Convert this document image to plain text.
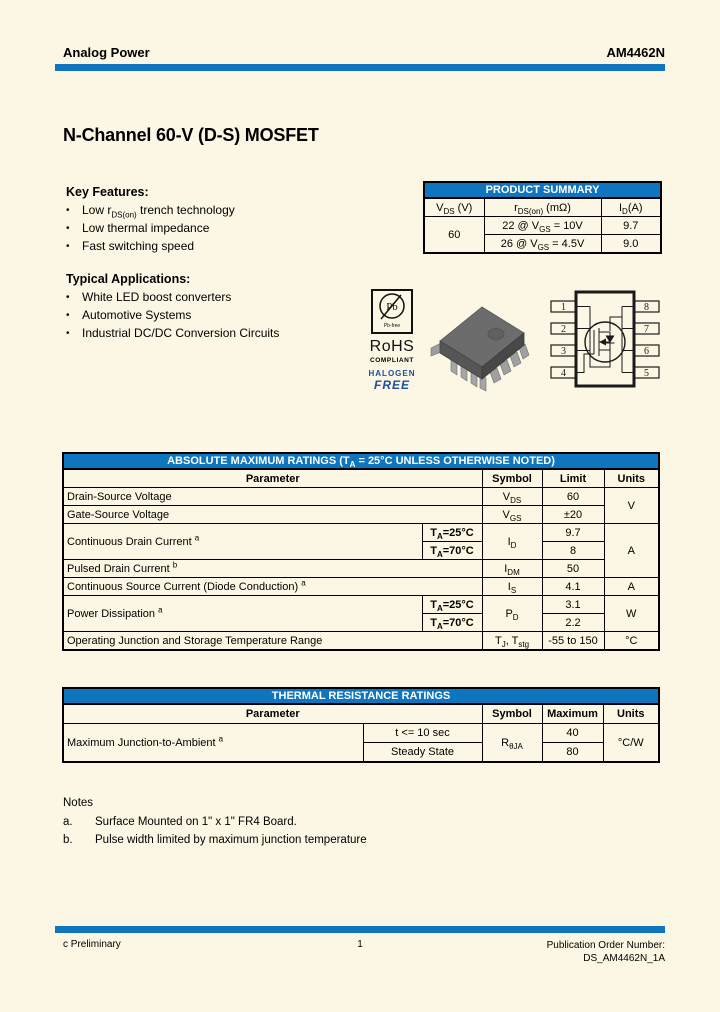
Analog Power	AM4462N
N-Channel 60-V (D-S) MOSFET
Key Features:
•	Low $r_{DS(on)}$ trench technology
•	Low thermal impedance
•	Fast switching speed
Typical Applications:
•	White LED boost converters
•	Automotive Systems
•	Industrial DC/DC Conversion Circuits
PRODUCT SUMMARY		
$V_{DS}$ (V)	$r_{DS(on)}$ (mΩ)	$I_D(A)$
60	22 @ $V_{GS} = 10V$	9.7
	26 @ $V_{GS} = 4.5V$	9.0
Pb
Pb-free
RoHS
COMPLIANT
HALOGEN
FREE
1
2
3
4
8
7
6
5
ABSOLUTE MAXIMUM RATINGS ($T_A = 25^\circ C$ UNLESS OTHERWISE NOTED)				
Parameter		Symbol	Limit	Units
Drain-Source Voltage		$V_{DS}$	60	V
Gate-Source Voltage		$V_{GS}$	±20	
Continuous Drain Current $^a$	$T_A=25^\circ C$	$I_D$	9.7	A
	$T_A=70^\circ C$		8	
Pulsed Drain Current $^b$		$I_{DM}$	50	
Continuous Source Current (Diode Conduction) $^a$		$I_S$	4.1	A
Power Dissipation $^a$	$T_A=25^\circ C$	$P_D$	3.1	W
	$T_A=70^\circ C$		2.2	
Operating Junction and Storage Temperature Range		$T_J$, $T_{stg}$	-55 to 150	°C
THERMAL RESISTANCE RATINGS				
Parameter		Symbol	Maximum	Units
Maximum Junction-to-Ambient $^a$	t <= 10 sec	$R_{\theta JA}$	40	°C/W
	Steady State		80	
Notes
a. Surface Mounted on 1" x 1" FR4 Board.
b. Pulse width limited by maximum junction temperature
1
c Preliminary	Publication Order Number:
DS_AM4462N_1A
